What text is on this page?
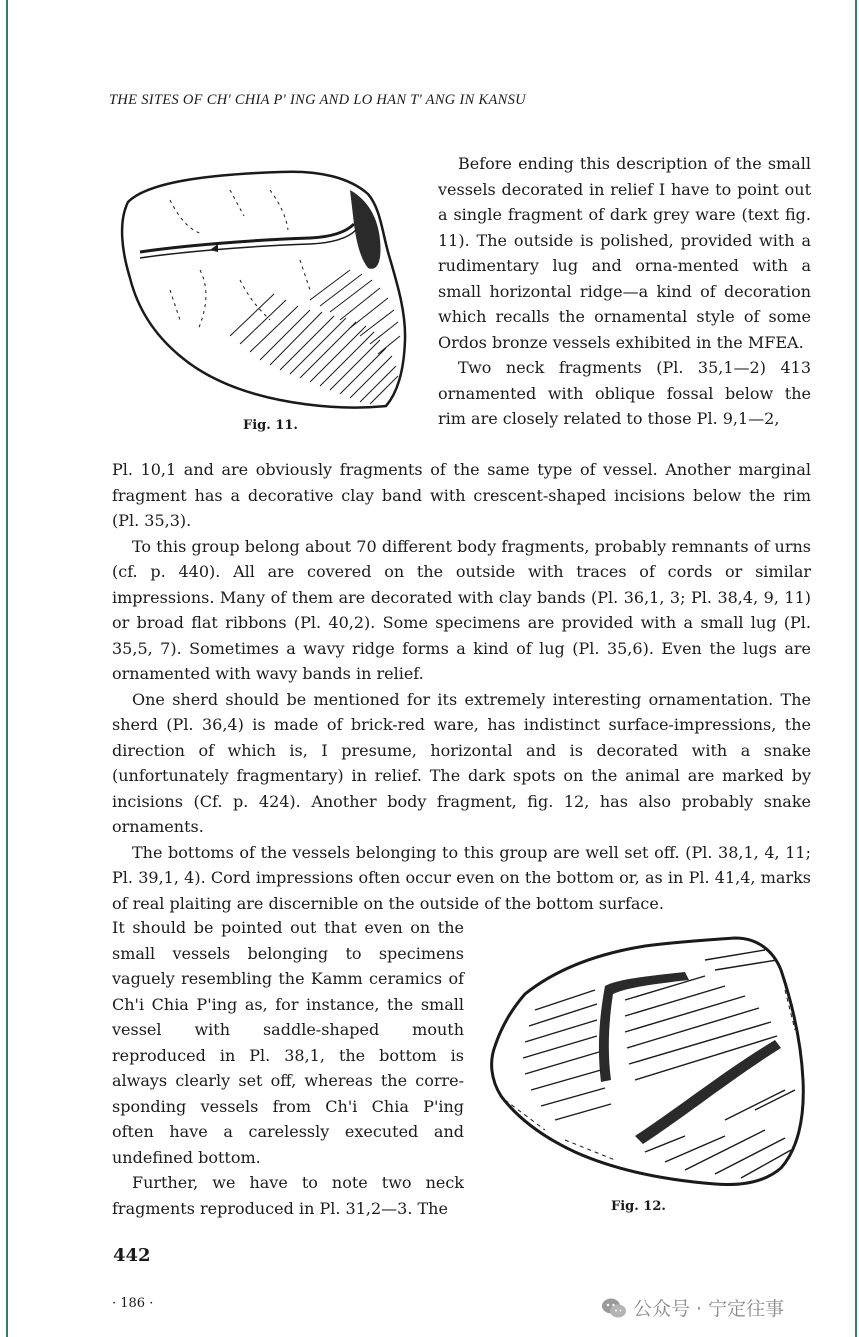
THE SITES OF CH' CHIA P' ING AND LO HAN T' ANG IN KANSU
Fig. 11.

Before ending this description of the small vessels decorated in relief I have to point out a single fragment of dark grey ware (text fig. 11). The outside is polished, provided with a rudimentary lug and orna-mented with a small horizontal ridge—a kind of decoration which recalls the ornamental style of some Ordos bronze vessels exhibited in the MFEA.

Two neck fragments (Pl. 35,1—2) 413 ornamented with oblique fossal below the rim are closely related to those Pl. 9,1—2,

Pl. 10,1 and are obviously fragments of the same type of vessel. Another marginal fragment has a decorative clay band with crescent-shaped incisions below the rim (Pl. 35,3).

To this group belong about 70 different body fragments, probably remnants of urns (cf. p. 440). All are covered on the outside with traces of cords or similar impressions. Many of them are decorated with clay bands (Pl. 36,1, 3; Pl. 38,4, 9, 11) or broad flat ribbons (Pl. 40,2). Some specimens are provided with a small lug (Pl. 35,5, 7). Sometimes a wavy ridge forms a kind of lug (Pl. 35,6). Even the lugs are ornamented with wavy bands in relief.

One sherd should be mentioned for its extremely interesting ornamentation. The sherd (Pl. 36,4) is made of brick-red ware, has indistinct surface-impressions, the direction of which is, I presume, horizontal and is decorated with a snake (unfortunately fragmentary) in relief. The dark spots on the animal are marked by incisions (Cf. p. 424). Another body fragment, fig. 12, has also probably snake ornaments.

The bottoms of the vessels belonging to this group are well set off. (Pl. 38,1, 4, 11; Pl. 39,1, 4). Cord impressions often occur even on the bottom or, as in Pl. 41,4, marks of real plaiting are discernible on the outside of the bottom surface.

It should be pointed out that even on the small vessels belonging to specimens vaguely resembling the Kamm ceramics of Ch'i Chia P'ing as, for instance, the small vessel with saddle-shaped mouth reproduced in Pl. 38,1, the bottom is always clearly set off, whereas the corre-sponding vessels from Ch'i Chia P'ing often have a carelessly executed and undefined bottom.

Further, we have to note two neck fragments reproduced in Pl. 31,2—3. The	Fig. 12.
442
· 186 ·	公众号 · 宁定往事
